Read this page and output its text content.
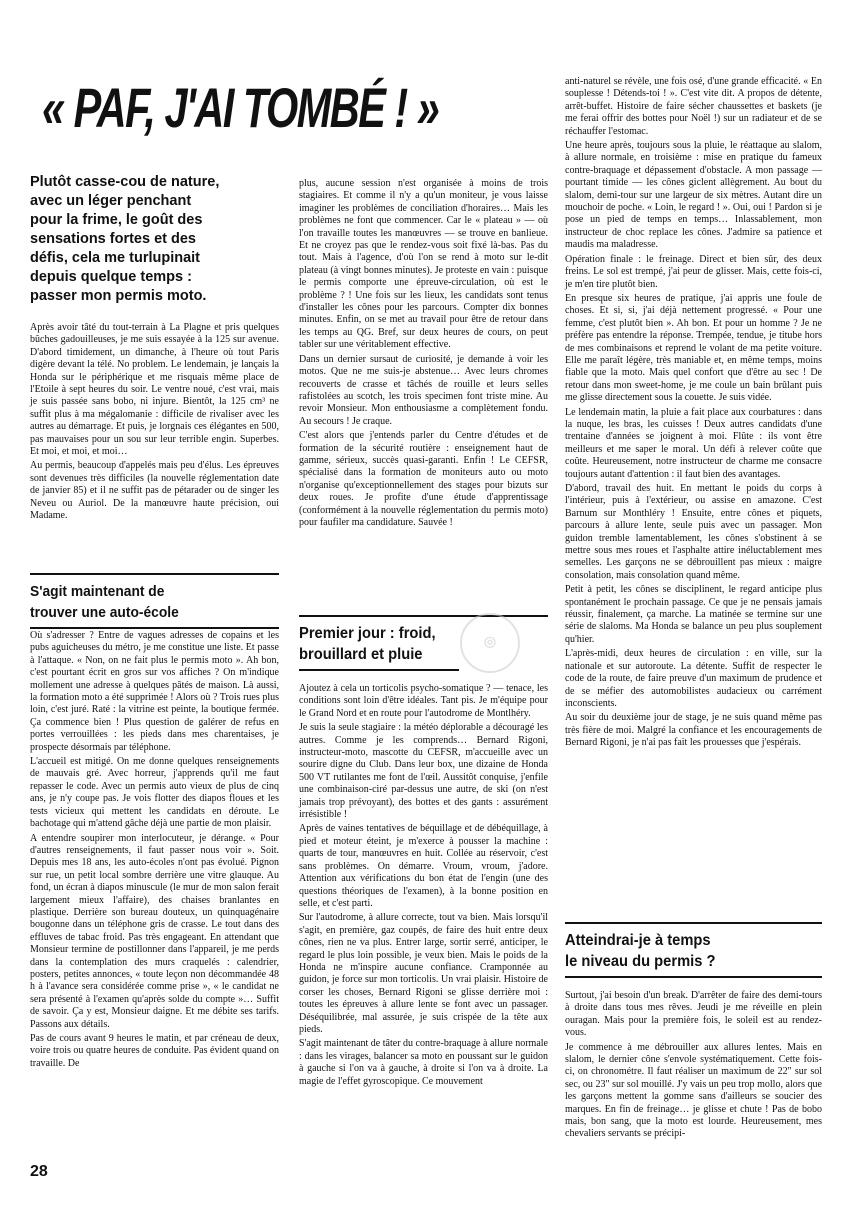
« PAF, J'AI TOMBÉ ! »

Plutôt casse-cou de nature,
avec un léger penchant
pour la frime, le goût des
sensations fortes et des
défis, cela me turlupinait
depuis quelque temps :
passer mon permis moto.

Après avoir tâté du tout-terrain à La Plagne et pris quelques bûches gadouilleuses, je me suis essayée à la 125 sur avenue. D'abord timidement, un dimanche, à l'heure où tout Paris digère devant la télé. No problem. Le lendemain, je lançais la Honda sur le périphérique et me risquais même place de l'Etoile à sept heures du soir. Le ventre noué, c'est vrai, mais je suis passée sans bobo, ni injure. Bientôt, la 125 cm³ ne suffit plus à ma mégalomanie : difficile de rivaliser avec les autres au démarrage. Et puis, je lorgnais ces élégantes en 500, pas mauvaises pour un sou sur leur terrible engin. Superbes. Et moi, et moi, et moi…

Au permis, beaucoup d'appelés mais peu d'élus. Les épreuves sont devenues très difficiles (la nouvelle réglementation date de janvier 85) et il ne suffit pas de pétarader ou de singer les Neveu ou Auriol. De la manœuvre haute précision, oui Madame.

S'agit maintenant de
trouver une auto-école

Où s'adresser ? Entre de vagues adresses de copains et les pubs aguicheuses du métro, je me constitue une liste. Et passe à l'attaque. « Non, on ne fait plus le permis moto ». Ah bon, c'est pourtant écrit en gros sur vos affiches ? On m'indique mollement une adresse à quelques pâtés de maison. Là aussi, la formation moto a été supprimée ! Alors où ? Trois rues plus loin, c'est juré. Raté : la vitrine est peinte, la boutique fermée. Ça commence bien ! Plus question de galérer de refus en portes verrouillées : les pieds dans mes charentaises, je prospecte désormais par téléphone.

L'accueil est mitigé. On me donne quelques renseignements de mauvais gré. Avec horreur, j'apprends qu'il me faut repasser le code. Avec un permis auto vieux de plus de cinq ans, je n'y coupe pas. Je vois flotter des diapos floues et les tests vicieux qui mettent les candidats en déroute. Le bachotage qui m'attend gâche déjà une partie de mon plaisir.

A entendre soupirer mon interlocuteur, je dérange. « Pour d'autres renseignements, il faut passer nous voir ». Soit. Depuis mes 18 ans, les auto-écoles n'ont pas évolué. Pignon sur rue, un petit local sombre derrière une vitre glauque. Au fond, un écran à diapos minuscule (le mur de mon salon ferait largement mieux l'affaire), des chaises branlantes en plastique. Derrière son bureau douteux, un quinquagénaire bougonne dans un téléphone gris de crasse. Le tout dans des effluves de tabac froid. Pas très engageant. En attendant que Monsieur termine de postillonner dans l'appareil, je me perds dans la contemplation des murs craquelés : calendrier, posters, petites annonces, « toute leçon non décommandée 48 h à l'avance sera considérée comme prise », « le candidat ne sera présenté à l'examen qu'après solde du compte »… Suffit de savoir. Ça y est, Monsieur daigne. Et me débite ses tarifs. Passons aux détails.

Pas de cours avant 9 heures le matin, et par créneau de deux, voire trois ou quatre heures de conduite. Pas évident quand on travaille. De

plus, aucune session n'est organisée à moins de trois stagiaires. Et comme il n'y a qu'un moniteur, je vous laisse imaginer les problèmes de conciliation d'horaires… Mais les problèmes ne font que commencer. Car le « plateau » — où l'on travaille toutes les manœuvres — se trouve en banlieue. Et ne croyez pas que le rendez-vous soit fixé là-bas. Pas du tout. Mais à l'agence, d'où l'on se rend à moto sur le-dit plateau (à vingt bonnes minutes). Je proteste en vain : puisque le permis comporte une épreuve-circulation, où est le problème ? ! Une fois sur les lieux, les candidats sont tenus d'installer les cônes pour les parcours. Compter dix bonnes minutes. Enfin, on se met au travail pour être de retour dans les temps au QG. Bref, sur deux heures de cours, on peut tabler sur une véritablement effective.

Dans un dernier sursaut de curiosité, je demande à voir les motos. Que ne me suis-je abstenue… Avec leurs chromes recouverts de crasse et tâchés de rouille et leurs selles rafistolées au scotch, les trois specimen font triste mine. Au revoir Monsieur. Mon enthousiasme a complètement fondu. Au secours ! Je craque.

C'est alors que j'entends parler du Centre d'études et de formation de la sécurité routière : enseignement haut de gamme, sérieux, succès quasi-garanti. Enfin ! Le CEFSR, spécialisé dans la formation de moniteurs auto ou moto n'organise qu'exceptionnellement des stages pour bizuts sur deux roues. Je profite d'une étude d'apprentissage (conformément à la nouvelle réglementation du permis moto) pour faufiler ma candidature. Sauvée !

Premier jour : froid,
brouillard et pluie

Ajoutez à cela un torticolis psycho-somatique ? — tenace, les conditions sont loin d'être idéales. Tant pis. Je m'équipe pour le Grand Nord et en route pour l'autodrome de Montlhéry.

Je suis la seule stagiaire : la météo déplorable a découragé les autres. Comme je les comprends… Bernard Rigoni, instructeur-moto, mascotte du CEFSR, m'accueille avec un sourire digne du Club. Dans leur box, une dizaine de Honda 500 VT rutilantes me font de l'œil. Aussitôt conquise, j'enfile une combinaison-ciré par-dessus une autre, de ski (on n'est jamais trop prévoyant), des bottes et des gants : assurément irrésistible !

Après de vaines tentatives de béquillage et de débéquillage, à pied et moteur éteint, je m'exerce à pousser la machine : quarts de tour, manœuvres en huit. Collée au réservoir, c'est sans problèmes. On démarre. Vroum, vroum, j'adore. Attention aux vérifications du bon état de l'engin (une des questions théoriques de l'examen), à la bonne position en selle, et c'est parti.

Sur l'autodrome, à allure correcte, tout va bien. Mais lorsqu'il s'agit, en première, gaz coupés, de faire des huit entre deux cônes, rien ne va plus. Entrer large, sortir serré, anticiper, le regard le plus loin possible, je veux bien. Mais le poids de la Honda ne m'inspire aucune confiance. Cramponnée au guidon, je force sur mon torticolis. Un vrai plaisir. Histoire de corser les choses, Bernard Rigoni se glisse derrière moi : toutes les épreuves à allure lente se font avec un passager. Déséquilibrée, mal assurée, je suis crispée de la tête aux pieds.

S'agit maintenant de tâter du contre-braquage à allure normale : dans les virages, balancer sa moto en poussant sur le guidon à gauche si l'on va à gauche, à droite si l'on va à droite. La magie de l'effet gyroscopique. Ce mouvement

◎

anti-naturel se révèle, une fois osé, d'une grande efficacité. « En souplesse ! Détends-toi ! ». C'est vite dit. A propos de détente, arrêt-buffet. Histoire de faire sécher chaussettes et baskets (je me ferai offrir des bottes pour Noël !) sur un radiateur et de se réchauffer l'estomac.

Une heure après, toujours sous la pluie, le réattaque au slalom, à allure normale, en troisième : mise en pratique du fameux contre-braquage et dépassement d'obstacle. A mon passage — pourtant timide — les cônes giclent allègrement. Au bout du slalom, demi-tour sur une largeur de six mètres. Autant dire un mouchoir de poche. « Loin, le regard ! ». Oui, oui ! Pardon si je pose un pied de temps en temps… Inlassablement, mon instructeur de choc replace les cônes. J'admire sa patience et maudis ma maladresse.

Opération finale : le freinage. Direct et bien sûr, des deux freins. Le sol est trempé, j'ai peur de glisser. Mais, cette fois-ci, je m'en tire plutôt bien.

En presque six heures de pratique, j'ai appris une foule de choses. Et si, si, j'ai déjà nettement progressé. « Pour une femme, c'est plutôt bien ». Ah bon. Et pour un homme ? Je ne préfère pas entendre la réponse. Trempée, tendue, je titube hors de mes combinaisons et reprend le volant de ma petite voiture. Elle me paraît légère, très maniable et, en même temps, moins fiable que la moto. Mais quel confort que d'être au sec ! De retour dans mon sweet-home, je me coule un bain brûlant puis me glisse directement sous la couette. Je suis vidée.

Le lendemain matin, la pluie a fait place aux courbatures : dans la nuque, les bras, les cuisses ! Deux autres candidats d'une trentaine d'années se joignent à moi. Flûte : ils vont être meilleurs et me saper le moral. Un défi à relever coûte que coûte. Heureusement, notre instructeur de charme me consacre toujours autant d'attention : il faut bien des avantages.

D'abord, travail des huit. En mettant le poids du corps à l'intérieur, puis à l'extérieur, ou assise en amazone. C'est Barnum sur Monthléry ! Ensuite, entre cônes et piquets, parcours à allure lente, seule puis avec un passager. Mon guidon tremble lamentablement, les cônes s'obstinent à se mettre sous mes roues et l'asphalte attire inéluctablement mes semelles. Les garçons ne se débrouillent pas mieux : maigre consolation, mais consolation quand même.

Petit à petit, les cônes se disciplinent, le regard anticipe plus spontanément le prochain passage. Ce que je ne pensais jamais réussir, finalement, ça marche. La matinée se termine sur une série de slaloms. Ma Honda se balance un peu plus souplement qu'hier.

L'après-midi, deux heures de circulation : en ville, sur la nationale et sur autoroute. La détente. Suffit de respecter le code de la route, de faire preuve d'un maximum de prudence et de se méfier des automobilistes audacieux ou carrément inconscients.

Au soir du deuxième jour de stage, je ne suis quand même pas très fière de moi. Malgré la confiance et les encouragements de Bernard Rigoni, je n'ai pas fait les prouesses que j'espérais.

Atteindrai-je à temps
le niveau du permis ?

Surtout, j'ai besoin d'un break. D'arrêter de faire des demi-tours à droite dans tous mes rêves. Jeudi je me réveille en plein ouragan. Mais pour la première fois, le soleil est au rendez-vous.

Je commence à me débrouiller aux allures lentes. Mais en slalom, le dernier cône s'envole systématiquement. Cette fois-ci, on chronométre. Il faut réaliser un maximum de 22" sur sol sec, ou 23" sur sol mouillé. J'y vais un peu trop mollo, alors que les garçons mettent la gomme sans d'ailleurs se soucier des marques. En fin de freinage… je glisse et chute ! Pas de bobo mais, bon sang, que la moto est lourde. Heureusement, mes chevaliers servants se précipi-

28
